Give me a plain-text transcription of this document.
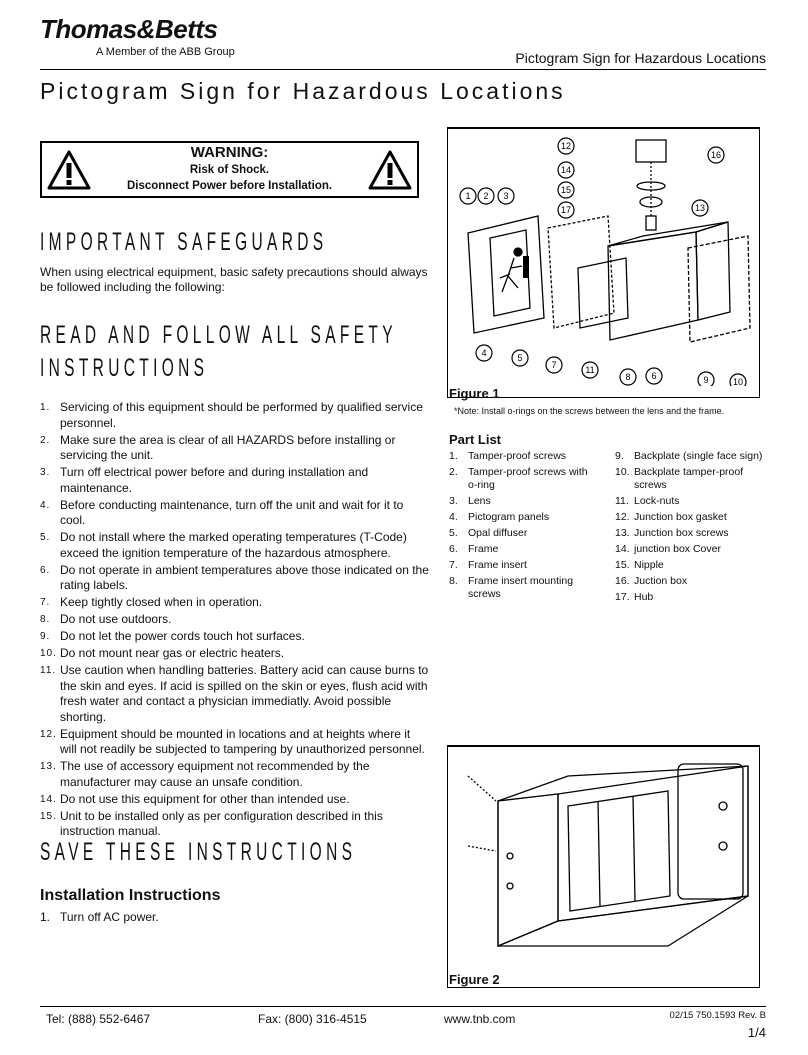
Thomas&Betts
A Member of the ABB Group	Pictogram Sign for Hazardous Locations
Pictogram Sign for Hazardous Locations
WARNING:
Risk of Shock.
Disconnect Power before Installation.
IMPORTANT SAFEGUARDS
When using electrical equipment, basic safety precautions should always be followed including the following:
READ AND FOLLOW ALL SAFETY
INSTRUCTIONS
1. Servicing of this equipment should be performed by qualified service personnel.
2. Make sure the area is clear of all HAZARDS before installing or servicing the unit.
3. Turn off electrical power before and during installation and maintenance.
4. Before conducting maintenance, turn off the unit and wait for it to cool.
5. Do not install where the marked operating temperatures (T-Code) exceed the ignition temperature of the hazardous atmosphere.
6. Do not operate in ambient temperatures above those indicated on the rating labels.
7. Keep tightly closed when in operation.
8. Do not use outdoors.
9. Do not let the power cords touch hot surfaces.
10. Do not mount near gas or electric heaters.
11. Use caution when handling batteries. Battery acid can cause burns to the skin and eyes. If acid is spilled on the skin or eyes, flush acid with fresh water and contact a physician immediatly. Avoid possible shorting.
12. Equipment should be mounted in locations and at heights where it will not readily be subjected to tampering by unauthorized personnel.
13. The use of accessory equipment not recommended by the manufacturer may cause an unsafe condition.
14. Do not use this equipment for other than intended use.
15. Unit to be installed only as per configuration described in this instruction manual.
SAVE THESE INSTRUCTIONS
Installation Instructions
1. Turn off AC power.
1 2 3
4	5
6
7
8	9	10
11
12
13
14
15
16
17
Figure 1
*Note: Install o-rings on the screws between the lens and the frame.
Part List
1. Tamper-proof screws
2. Tamper-proof screws with o-ring
3. Lens
4. Pictogram panels
5. Opal diffuser
6. Frame
7. Frame insert
8. Frame insert mounting screws
9. Backplate (single face sign)
10. Backplate tamper-proof screws
11. Lock-nuts
12. Junction box gasket
13. Junction box screws
14. junction box Cover
15. Nipple
16. Juction box
17. Hub
Figure 2
Tel: (888) 552-6467	Fax: (800) 316-4515	www.tnb.com	02/15 750.1593 Rev. B
1/4
